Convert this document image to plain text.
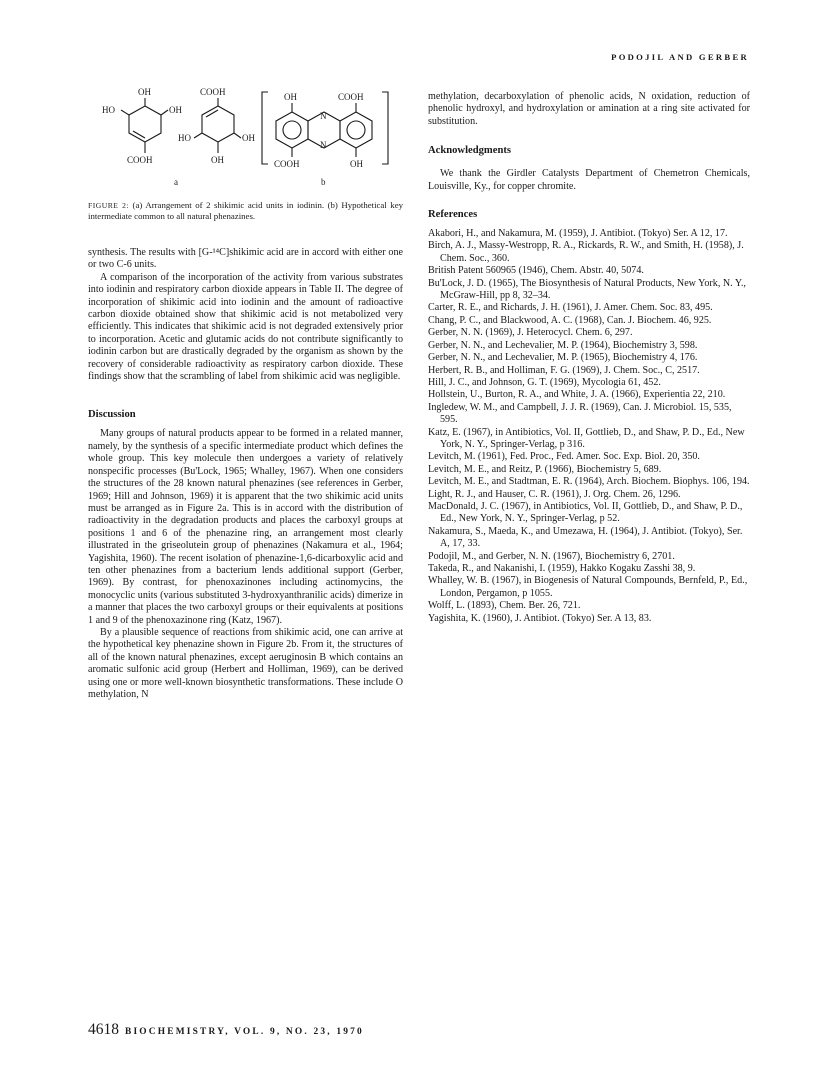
PODOJIL AND GERBER
OH	COOH
HO	OH
HO	OH
COOH	OH
OH	COOH
N
N
COOH	OH
a	b
FIGURE 2: (a) Arrangement of 2 shikimic acid units in iodinin. (b) Hypothetical key intermediate common to all natural phenazines.

synthesis. The results with [G-¹⁴C]shikimic acid are in accord with either one or two C-6 units.

A comparison of the incorporation of the activity from various substrates into iodinin and respiratory carbon dioxide appears in Table II. The degree of incorporation of shikimic acid into iodinin and the amount of radioactive carbon dioxide obtained show that shikimic acid is not metabolized very efficiently. This indicates that shikimic acid is not degraded extensively prior to incorporation. Acetic and glutamic acids do not contribute significantly to iodinin carbon but are drastically degraded by the organism as shown by the recovery of considerable radioactivity as respiratory carbon dioxide. These findings show that the scrambling of label from shikimic acid was negligible.

Discussion

Many groups of natural products appear to be formed in a related manner, namely, by the synthesis of a specific intermediate product which defines the whole group. This key molecule then undergoes a variety of relatively nonspecific processes (Bu'Lock, 1965; Whalley, 1967). When one considers the structures of the 28 known natural phenazines (see references in Gerber, 1969; Hill and Johnson, 1969) it is apparent that the two shikimic acid units must be arranged as in Figure 2a. This is in accord with the distribution of radioactivity in the degradation products and places the carboxyl groups at positions 1 and 6 of the phenazine ring, an arrangement most clearly illustrated in the griseolutein group of phenazines (Nakamura et al., 1964; Yagishita, 1960). The recent isolation of phenazine-1,6-dicarboxylic acid and ten other phenazines from a bacterium lends additional support (Gerber, 1969). By contrast, for phenoxazinones including actinomycins, the monocyclic units (various substituted 3-hydroxyanthranilic acids) dimerize in a manner that places the two carboxyl groups or their equivalents at positions 1 and 9 of the phenoxazinone ring (Katz, 1967).

By a plausible sequence of reactions from shikimic acid, one can arrive at the hypothetical key phenazine shown in Figure 2b. From it, the structures of all of the known natural phenazines, except aeruginosin B which contains an aromatic sulfonic acid group (Herbert and Holliman, 1969), can be derived using one or more well-known biosynthetic transformations. These include O methylation, N

methylation, decarboxylation of phenolic acids, N oxidation, reduction of phenolic hydroxyl, and hydroxylation or amination at a ring site activated for substitution.

Acknowledgments

We thank the Girdler Catalysts Department of Chemetron Chemicals, Louisville, Ky., for copper chromite.

References
Akabori, H., and Nakamura, M. (1959), J. Antibiot. (Tokyo) Ser. A 12, 17.
Birch, A. J., Massy-Westropp, R. A., Rickards, R. W., and Smith, H. (1958), J. Chem. Soc., 360.
British Patent 560965 (1946), Chem. Abstr. 40, 5074.
Bu'Lock, J. D. (1965), The Biosynthesis of Natural Products, New York, N. Y., McGraw-Hill, pp 8, 32–34.
Carter, R. E., and Richards, J. H. (1961), J. Amer. Chem. Soc. 83, 495.
Chang, P. C., and Blackwood, A. C. (1968), Can. J. Biochem. 46, 925.
Gerber, N. N. (1969), J. Heterocycl. Chem. 6, 297.
Gerber, N. N., and Lechevalier, M. P. (1964), Biochemistry 3, 598.
Gerber, N. N., and Lechevalier, M. P. (1965), Biochemistry 4, 176.
Herbert, R. B., and Holliman, F. G. (1969), J. Chem. Soc., C, 2517.
Hill, J. C., and Johnson, G. T. (1969), Mycologia 61, 452.
Hollstein, U., Burton, R. A., and White, J. A. (1966), Experientia 22, 210.
Ingledew, W. M., and Campbell, J. J. R. (1969), Can. J. Microbiol. 15, 535, 595.
Katz, E. (1967), in Antibiotics, Vol. II, Gottlieb, D., and Shaw, P. D., Ed., New York, N. Y., Springer-Verlag, p 316.
Levitch, M. (1961), Fed. Proc., Fed. Amer. Soc. Exp. Biol. 20, 350.
Levitch, M. E., and Reitz, P. (1966), Biochemistry 5, 689.
Levitch, M. E., and Stadtman, E. R. (1964), Arch. Biochem. Biophys. 106, 194.
Light, R. J., and Hauser, C. R. (1961), J. Org. Chem. 26, 1296.
MacDonald, J. C. (1967), in Antibiotics, Vol. II, Gottlieb, D., and Shaw, P. D., Ed., New York, N. Y., Springer-Verlag, p 52.
Nakamura, S., Maeda, K., and Umezawa, H. (1964), J. Antibiot. (Tokyo), Ser. A, 17, 33.
Podojil, M., and Gerber, N. N. (1967), Biochemistry 6, 2701.
Takeda, R., and Nakanishi, I. (1959), Hakko Kogaku Zasshi 38, 9.
Whalley, W. B. (1967), in Biogenesis of Natural Compounds, Bernfeld, P., Ed., London, Pergamon, p 1055.
Wolff, L. (1893), Chem. Ber. 26, 721.
Yagishita, K. (1960), J. Antibiot. (Tokyo) Ser. A 13, 83.
4618 BIOCHEMISTRY, VOL. 9, NO. 23, 1970
